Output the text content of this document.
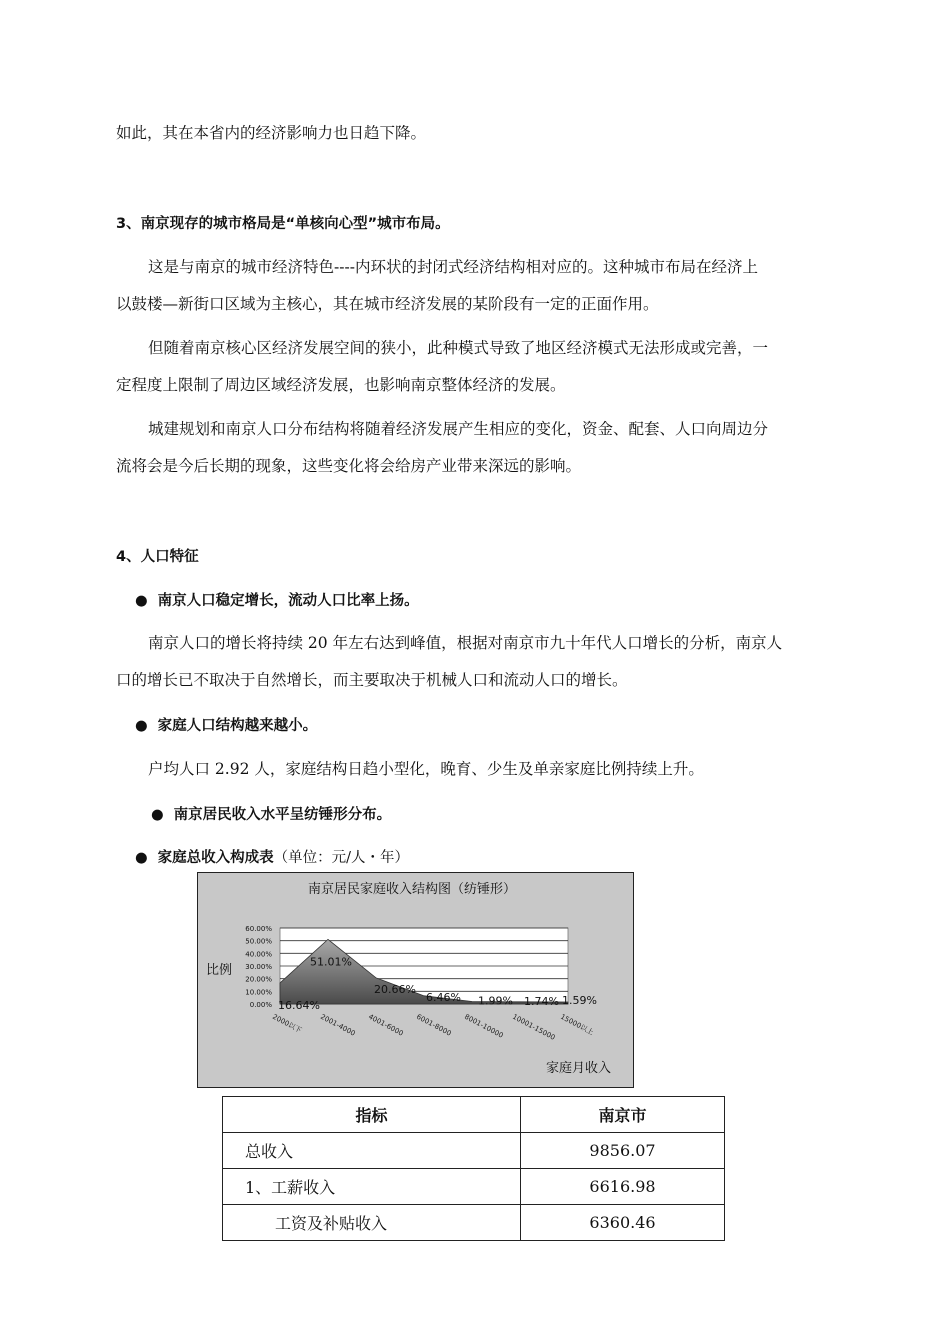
如此，其在本省内的经济影响力也日趋下降。
3、南京现存的城市格局是“单核向心型”城市布局。
这是与南京的城市经济特色----内环状的封闭式经济结构相对应的。这种城市布局在经济上
以鼓楼—新街口区域为主核心，其在城市经济发展的某阶段有一定的正面作用。
但随着南京核心区经济发展空间的狭小，此种模式导致了地区经济模式无法形成或完善，一
定程度上限制了周边区域经济发展，也影响南京整体经济的发展。
城建规划和南京人口分布结构将随着经济发展产生相应的变化，资金、配套、人口向周边分
流将会是今后长期的现象，这些变化将会给房产业带来深远的影响。
4、人口特征
● 南京人口稳定增长，流动人口比率上扬。
南京人口的增长将持续 20 年左右达到峰值，根据对南京市九十年代人口增长的分析，南京人
口的增长已不取决于自然增长，而主要取决于机械人口和流动人口的增长。
● 家庭人口结构越来越小。
户均人口 2.92 人，家庭结构日趋小型化，晚育、少生及单亲家庭比例持续上升。
● 南京居民收入水平呈纺锤形分布。
● 家庭总收入构成表（单位：元/人・年）
南京居民家庭收入结构图（纺锤形）
0.00%
10.00%
20.00%
30.00%
40.00%
50.00%
60.00%
2000以下 2001-4000 4001-6000 6001-8000 8001-10000 10001-15000 15000以上
16.64%
51.01%
20.66%
6.46% 1.99% 1.74% 1.59%
比例
家庭月收入
指标	南京市
总收入	9856.07
1、工薪收入	6616.98
工资及补贴收入	6360.46
